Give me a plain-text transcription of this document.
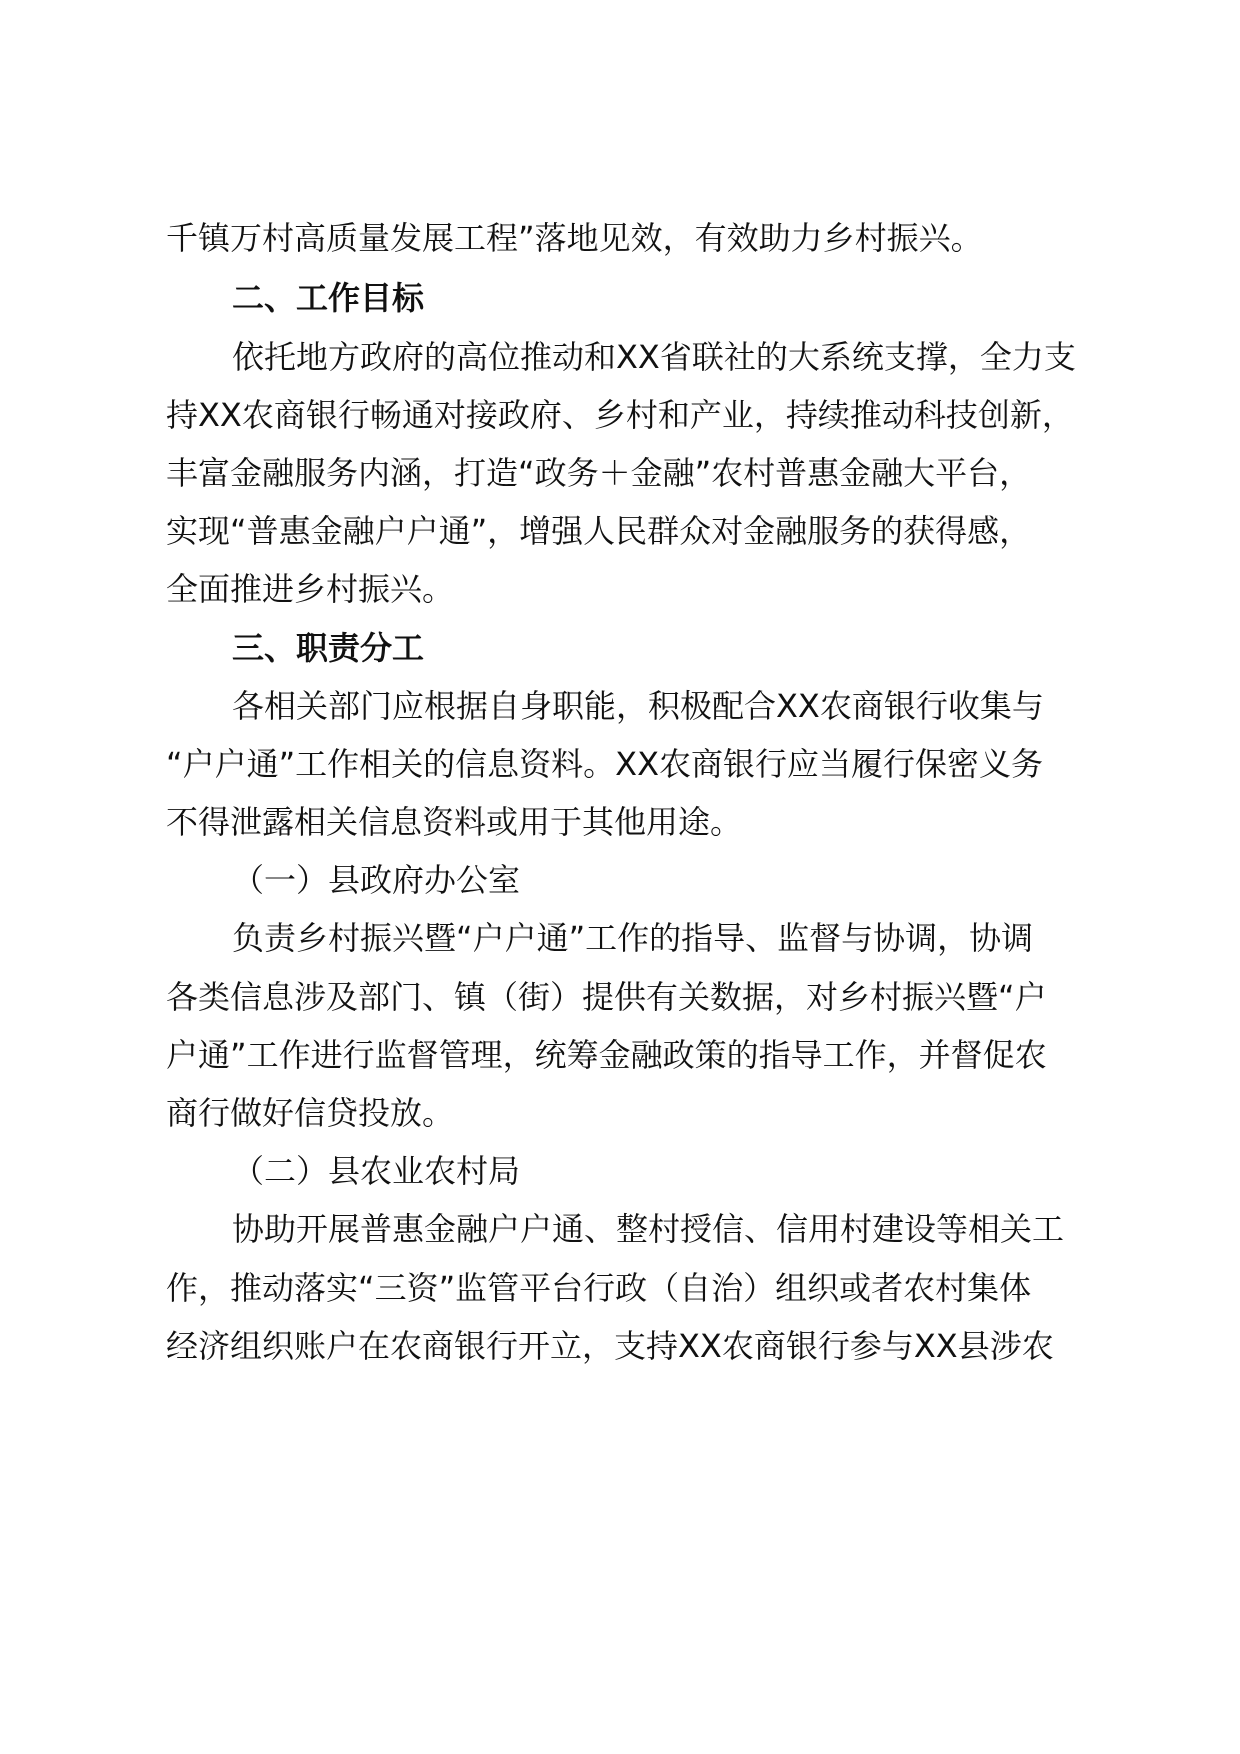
千镇万村高质量发展工程”落地见效，有效助力乡村振兴。
二、工作目标
依托地方政府的高位推动和XX省联社的大系统支撑，全力支
持XX农商银行畅通对接政府、乡村和产业，持续推动科技创新，
丰富金融服务内涵，打造“政务＋金融”农村普惠金融大平台，
实现“普惠金融户户通”，增强人民群众对金融服务的获得感，
全面推进乡村振兴。
三、职责分工
各相关部门应根据自身职能，积极配合XX农商银行收集与
“户户通”工作相关的信息资料。XX农商银行应当履行保密义务
不得泄露相关信息资料或用于其他用途。
（一）县政府办公室
负责乡村振兴暨“户户通”工作的指导、监督与协调，协调
各类信息涉及部门、镇（街）提供有关数据，对乡村振兴暨“户
户通”工作进行监督管理，统筹金融政策的指导工作，并督促农
商行做好信贷投放。
（二）县农业农村局
协助开展普惠金融户户通、整村授信、信用村建设等相关工
作，推动落实“三资”监管平台行政（自治）组织或者农村集体
经济组织账户在农商银行开立，支持XX农商银行参与XX县涉农
